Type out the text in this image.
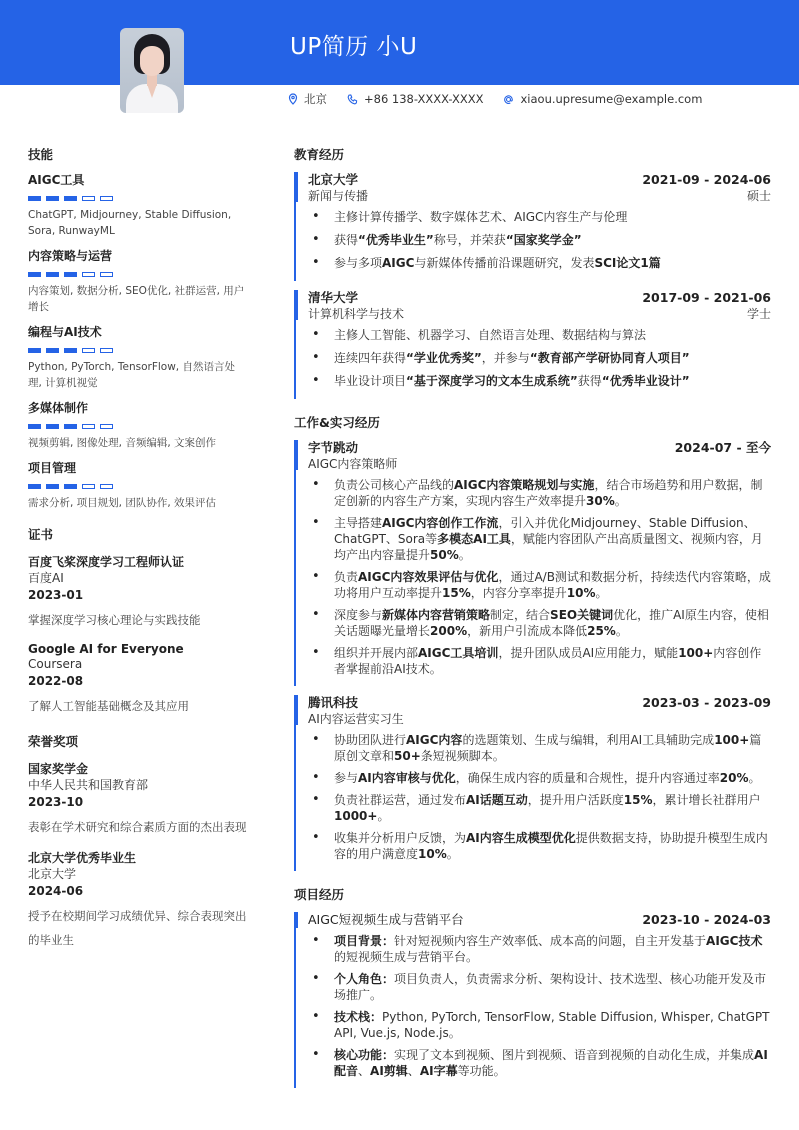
UP简历 小U
北京	+86 138-XXXX-XXXX	xiaou.upresume@example.com
技能
AIGC工具
ChatGPT, Midjourney, Stable Diffusion, Sora, RunwayML
内容策略与运营
内容策划, 数据分析, SEO优化, 社群运营, 用户增长
编程与AI技术
Python, PyTorch, TensorFlow, 自然语言处理, 计算机视觉
多媒体制作
视频剪辑, 图像处理, 音频编辑, 文案创作
项目管理
需求分析, 项目规划, 团队协作, 效果评估
证书
百度飞桨深度学习工程师认证
百度AI
2023-01
掌握深度学习核心理论与实践技能
Google AI for Everyone
Coursera
2022-08
了解人工智能基础概念及其应用
荣誉奖项
国家奖学金
中华人民共和国教育部
2023-10
表彰在学术研究和综合素质方面的杰出表现
北京大学优秀毕业生
北京大学
2024-06
授予在校期间学习成绩优异、综合表现突出的毕业生
教育经历
北京大学	2021-09 - 2024-06
新闻与传播	硕士
• 主修计算传播学、数字媒体艺术、AIGC内容生产与伦理
• 获得“优秀毕业生”称号，并荣获“国家奖学金”
• 参与多项AIGC与新媒体传播前沿课题研究，发表SCI论文1篇
清华大学	2017-09 - 2021-06
计算机科学与技术	学士
• 主修人工智能、机器学习、自然语言处理、数据结构与算法
• 连续四年获得“学业优秀奖”，并参与“教育部产学研协同育人项目”
• 毕业设计项目“基于深度学习的文本生成系统”获得“优秀毕业设计”
工作&实习经历
字节跳动	2024-07 - 至今
AIGC内容策略师
• 负责公司核心产品线的AIGC内容策略规划与实施，结合市场趋势和用户数据，制定创新的内容生产方案，实现内容生产效率提升30%。
• 主导搭建AIGC内容创作工作流，引入并优化Midjourney、Stable Diffusion、ChatGPT、Sora等多模态AI工具，赋能内容团队产出高质量图文、视频内容，月均产出内容量提升50%。
• 负责AIGC内容效果评估与优化，通过A/B测试和数据分析，持续迭代内容策略，成功将用户互动率提升15%，内容分享率提升10%。
• 深度参与新媒体内容营销策略制定，结合SEO关键词优化，推广AI原生内容，使相关话题曝光量增长200%，新用户引流成本降低25%。
• 组织并开展内部AIGC工具培训，提升团队成员AI应用能力，赋能100+内容创作者掌握前沿AI技术。
腾讯科技	2023-03 - 2023-09
AI内容运营实习生
• 协助团队进行AIGC内容的选题策划、生成与编辑，利用AI工具辅助完成100+篇原创文章和50+条短视频脚本。
• 参与AI内容审核与优化，确保生成内容的质量和合规性，提升内容通过率20%。
• 负责社群运营，通过发布AI话题互动，提升用户活跃度15%，累计增长社群用户1000+。
• 收集并分析用户反馈，为AI内容生成模型优化提供数据支持，协助提升模型生成内容的用户满意度10%。
项目经历
AIGC短视频生成与营销平台	2023-10 - 2024-03
• 项目背景：针对短视频内容生产效率低、成本高的问题，自主开发基于AIGC技术的短视频生成与营销平台。
• 个人角色：项目负责人，负责需求分析、架构设计、技术选型、核心功能开发及市场推广。
• 技术栈：Python, PyTorch, TensorFlow, Stable Diffusion, Whisper, ChatGPT API, Vue.js, Node.js。
• 核心功能：实现了文本到视频、图片到视频、语音到视频的自动化生成，并集成AI配音、AI剪辑、AI字幕等功能。
